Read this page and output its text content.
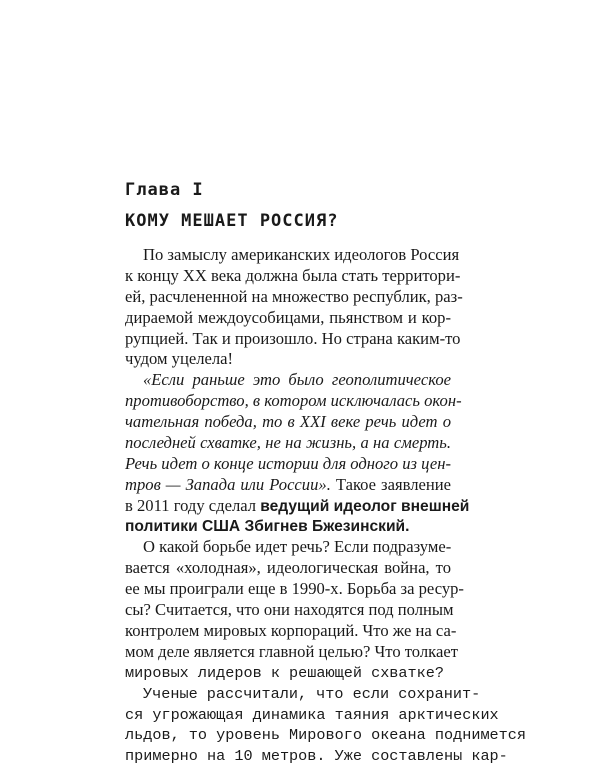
Глава I
КОМУ МЕШАЕТ РОССИЯ?
По замыслу американских идеологов Россия
к концу XX века должна была стать территори-
ей, расчлененной на множество республик, раз-
дираемой междоусобицами, пьянством и кор-
рупцией. Так и произошло. Но страна каким-то
чудом уцелела!
«Если раньше это было геополитическое
противоборство, в котором исключалась окон-
чательная победа, то в XXI веке речь идет о
последней схватке, не на жизнь, а на смерть.
Речь идет о конце истории для одного из цен-
тров — Запада или России». Такое заявление
в 2011 году сделал ведущий идеолог внешней
политики США Збигнев Бжезинский.
О какой борьбе идет речь? Если подразуме-
вается «холодная», идеологическая война, то
ее мы проиграли еще в 1990-х. Борьба за ресур-
сы? Считается, что они находятся под полным
контролем мировых корпораций. Что же на са-
мом деле является главной целью? Что толкает
мировых лидеров к решающей схватке?
Ученые рассчитали, что если сохранит-
ся угрожающая динамика таяния арктических
льдов, то уровень Мирового океана поднимется
примерно на 10 метров. Уже составлены кар-
